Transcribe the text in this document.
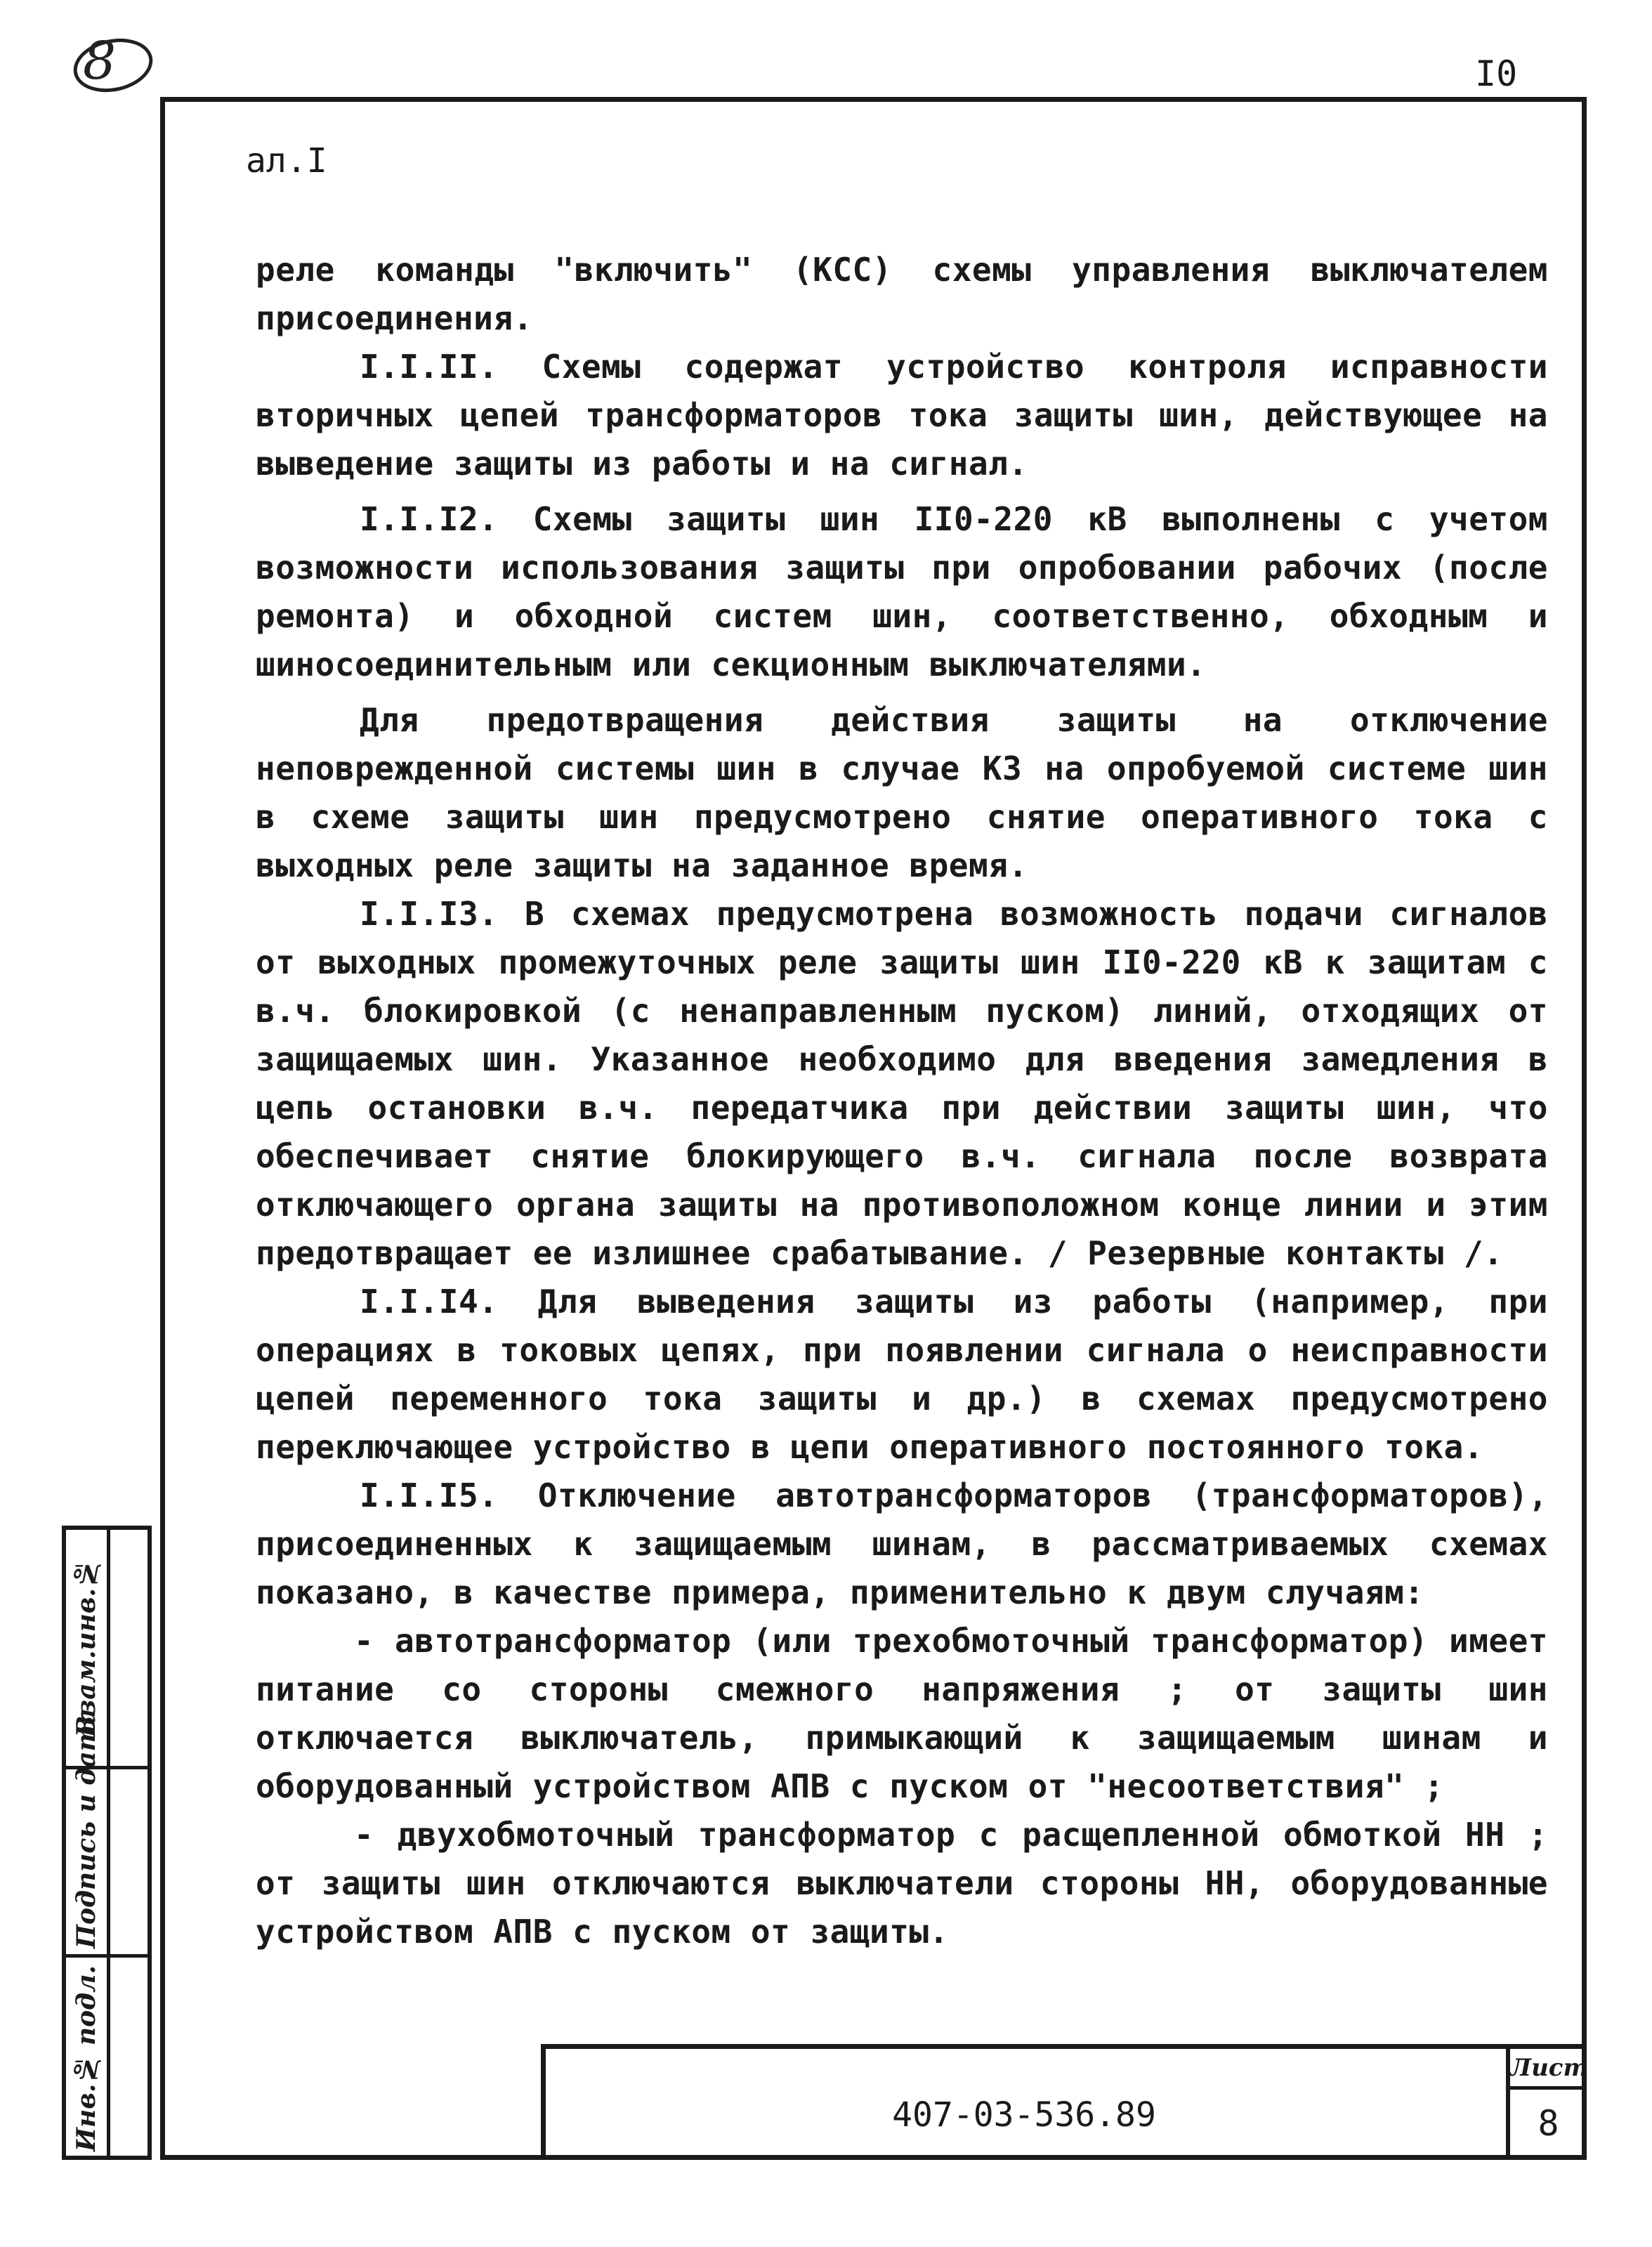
8	I0
ал.I

реле команды "включить" (КСС) схемы управления выключателем присоединения.

I.I.II. Схемы содержат устройство контроля исправности вторичных цепей трансформаторов тока защиты шин, действующее на выведение защиты из работы и на сигнал.

I.I.I2. Схемы защиты шин II0-220 кВ выполнены с учетом возможности использования защиты при опробовании рабочих (после ремонта) и обходной систем шин, соответственно, обходным и шиносоединительным или секционным выключателями.

Для предотвращения действия защиты на отключение неповрежденной системы шин в случае КЗ на опробуемой системе шин в схеме защиты шин предусмотрено снятие оперативного тока с выходных реле защиты на заданное время.

I.I.I3. В схемах предусмотрена возможность подачи сигналов от выходных промежуточных реле защиты шин II0-220 кВ к защитам с в.ч. блокировкой (с ненаправленным пуском) линий, отходящих от защищаемых шин. Указанное необходимо для введения замедления в цепь остановки в.ч. передатчика при действии защиты шин, что обеспечивает снятие блокирующего в.ч. сигнала после возврата отключающего органа защиты на противоположном конце линии и этим предотвращает ее излишнее срабатывание. / Резервные контакты /.

I.I.I4. Для выведения защиты из работы (например, при операциях в токовых цепях, при появлении сигнала о неисправности цепей переменного тока защиты и др.) в схемах предусмотрено переключающее устройство в цепи оперативного постоянного тока.

I.I.I5. Отключение автотрансформаторов (трансформаторов), присоединенных к защищаемым шинам, в рассматриваемых схемах показано, в качестве примера, применительно к двум случаям:

- автотрансформатор (или трехобмоточный трансформатор) имеет питание со стороны смежного напряжения ; от защиты шин отключается выключатель, примыкающий к защищаемым шинам и оборудованный устройством АПВ с пуском от "несоответствия" ;

- двухобмоточный трансформатор с расщепленной обмоткой НН ; от защиты шин отключаются выключатели стороны НН, оборудованные устройством АПВ с пуском от защиты.

407-03-536.89
Лист
8
Инв.№ подл.
Подпись и дата
Взам.инв.№
